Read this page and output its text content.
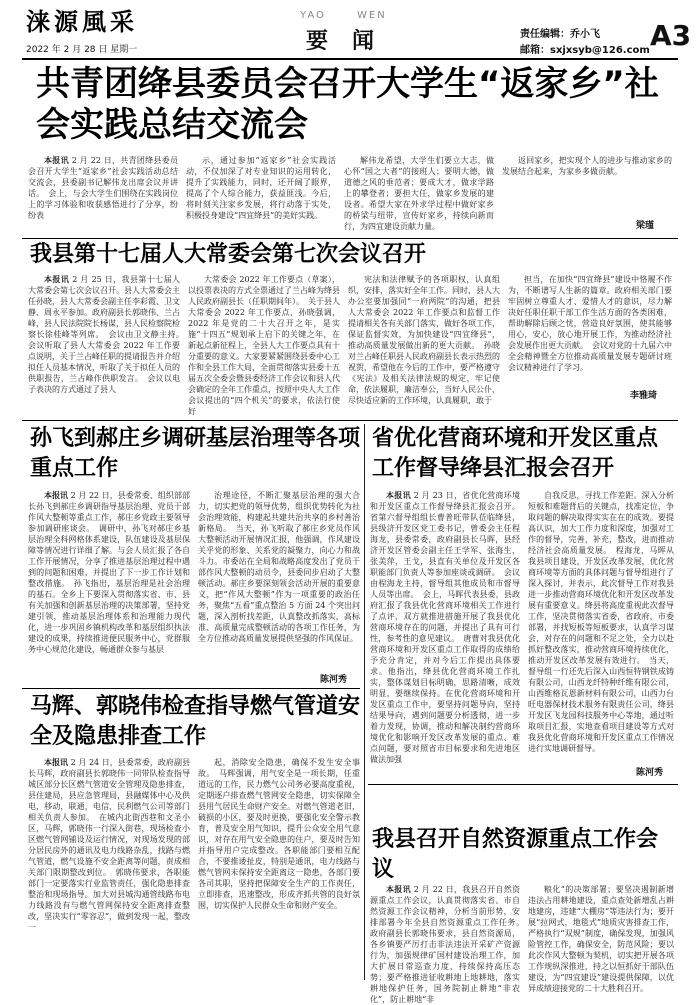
涞源風采
2022 年 2 月 28 日 星期一
YAO	WEN
要闻	责任编辑：乔小飞
邮箱：sxjxsyb@126.com A3
共青团绛县委员会召开大学生“返家乡”社会实践总结交流会
本报讯 2 月 22 日，共青团绛县委员会召开大学生“返家乡”社会实践活动总结交流会，县委副书记解伟龙出席会议并讲话。　会上，与会大学生们围绕在实践岗位上的学习体验和收获感悟进行了分享，纷纷表
示，通过参加“返家乡”社会实践活动，不仅加深了对专业知识的运用转化，提升了实践能力，同时，还开阔了眼界，提高了个人综合能力，获益匪浅。今后，将时刻关注家乡发展，将行动落于实处，积极投身建设“四宜绛县”的美好实践。
解伟龙希望，大学生们要立大志，做心怀“国之大者”的接班人；要明大德，做道德之风的垂范者；要成大才，做求学路上的攀登者；要担大任，做家乡发展的建设者。希望大家在外求学过程中做好家乡的桥梁与纽带，宣传好家乡，持续向新而行，为四宜建设贡献力量。
返回家乡，把实现个人的进步与推动家乡的发展结合起来，为家乡多做贡献。
梁瑾
我县第十七届人大常委会第七次会议召开
本报讯 2 月 25 日，我县第十七届人大常委会第七次会议召开。县人大常委会主任孙晓，县人大常委会副主任李彩霞、卫文静、周永平参加。政府副县长郭晓伟、兰占峰，县人民法院院长杨谋，县人民检察院检察长徐桂峰等列席。　会议由卫文静主持。　会议听取了县人大常委会 2022 年工作要点说明，关于兰占峰任职的提请报告并介绍拟任人员基本情况，听取了关于拟任人员的供职报告，兰占峰作供职发言。　会议以电子表决的方式通过了县人
大常委会 2022 年工作要点（草案），以投票表决的方式全票通过了兰占峰为绛县人民政府副县长（任职期间年）。　关于县人大常委会 2022 年工作要点，孙晓强调，2022 年是党的二十大召开之年，是实施“十四五”规划承上启下的关键之年，在新起点新征程上，全县人大工作要点具有十分重要的意义。大家要紧紧围绕县委中心工作和全县工作大局，全面贯彻落实县委十五届五次全委会暨县委经济工作会议和县人代会确定的全年工作重点，按照中央人大工作会议提出的“四个机关”的要求，依法行使好
宪法和法律赋予的各项职权，认真组织，安排，落实好全年工作。同时，县人大办公室要加强同“一府两院”的沟通，把县人大常委会 2022 年工作要点和监督工作提请相关各有关部门落实，做好各项工作，保证监督实效，为加快建设“四宜绛县”，推动高质量发展做出新的更大贡献。　孙晓对兰占峰任职县人民政府副县长表示热烈的祝贺，希望他在今后的工作中，要严格遵守《宪法》及相关法律法规的规定，牢记使命，依法履职，廉洁奉公，当好人民公仆，尽快适应新的工作环境，认真履职，敢于
担当，在加快“四宜绛县”建设中恪履不作为，不断谱写人生新的篇章。政府相关部门要牢固树立尊重人才、爱惜人才的意识，尽力解决好任职任职干部工作生活方面的各类困难，帮助解除后顾之忧，营造良好氛围，使其能够用心，安心，放心地开展工作，为推动经济社会发展作出更大贡献。　会议对党的十九届六中全会精神暨全方位推动高质量发展专题研讨班会议精神进行了学习。
李雅琦
孙飞到郝庄乡调研基层治理等各项重点工作
本报讯 2 月 22 日，县委常委、组织部部长孙飞到郝庄乡调研指导基层治理、党员干部作风大整顿等重点工作，郝庄乡党政主要领导参加调研座谈会。　调研中，孙飞对郝庄乡基层治理全科网格体系建设，队伍建设及基层保障等情况进行详细了解。与会人员汇报了各自工作开展情况，分享了推进基层治理过程中遇到的问题和困难，并提出了下一步工作计划和整改措施。　孙飞指出，基层治理是社会治理的基石。全乡上下要深入贯彻落实省、市、县有关加强和创新基层治理的决策部署，坚持党建引领，推动基层治理体系和治理能力现代化，进一步巩固乡镇机构改革和基层组织执法建设的成果，持续推进便民服务中心，党群服务中心规范化建设，畅通群众参与基层
治理途径，不断汇聚基层治理的强大合力，切实把党的领导优势，组织优势转化为社会治理效能，构建起共建共治共享的乡村善治新格局。　当天，孙飞听取了郝庄乡党员作风大整顿活动开展情况汇报，他强调，作风建设关乎党的形象、关系党的凝聚力，向心力和战斗力。市委站在全局和战略高度发出了党员干部作风大整顿的动员令，县委同步启动了大整顿活动。郝庄乡要深刻领会活动开展的重要意义，把“作风大整顿”作为一项重要的政治任务，聚焦“五看”重点整治 5 方面 24 个突出问题，深入剖析找差距，认真整改抓落实，高标准、高质量完成整顿活动的各项工作任务，为全方位推动高质量发展提供坚强的作风保证。
陈河秀
马辉、郭晓伟检查指导燃气管道安全及隐患排查工作
本报讯 2 月 24 日，县委常委，政府副县长马辉，政府副县长郭晓伟一同带队检查指导城区部分长区燃气管道安全管理及隐患排查，县住建局，县应急管理局，县融媒体中心及供电，移动，联通，电信，民利燃气公司等部门相关负责人参加。　在城内北街西巷和文圣小区，马辉，郭晓伟一行深入街巷，现场检查小区燃气管网铺设及运行情况，对现场发现的部分居民房外的通讯及电力线路杂乱，找路与燃气管道，燃气设施不安全距离等问题，责成相关部门限期整改到位。　郭晓伟要求，各职能部门一定要落实行业监管责任，强化隐患排查整治和现场指导。加大对县城沟通管线路布电力线路没有与燃气管网保持安全距离排查整改，坚决实行“零容忍”，做到发现一起，整改一
起，消除安全隐患，确保不发生安全事故。　马辉强调，用气安全是一项长期，任重道远的工作，民力燃气公司务必要高度重视，定期逐户排查燃气管网安全隐患，切实保障全县用气居民生命财产安全。对燃气管道老旧，破损的小区，要及时更换，要强化安全警示教育，普及安全用气知识，提升公众安全用气意识，对存在用气安全隐患的住户，要及时告知并指导用户完成整改。各职能部门要相互配合，不要推诿扯皮，特别是通讯，电力线路与燃气管网未保持安全距离这一隐患，各部门要各司其职，坚持把保障安全生产的工作责任，立即排查，迅速整改，形成齐抓共管的良好氛围，切实保护人民群众生命和财产安全。
省优化营商环境和开发区重点工作督导绛县汇报会召开
本报讯 2 月 23 日，省优化营商环境和开发区重点工作督导绛县汇报会召开。省第六督导组组长曹普旺带队莅临绛县，县级济开发区党工委书记，曾委会主任程海龙，县委常委，政府副县长马晖，县经济开发区管委会副主任王学军、张海生，张美萍，王戈，县直有关单位及开发区各职能部门负责人等参加座谈或调研。　会议由程海龙主持，督导组其他成员和市督导人员等出席。　会上，马晖代表县委，县政府汇报了我县优化营商环境相关工作进行了点评，双方就推进措施开展了我县优化营商环境存在的问题，并提出了具有可行性，参考性的意见建议。　唐曹对我县优化营商环境和开发区重点工作取得的成绩给予充分肯定，并对今后工作提出具体要求。他指出，绛县优化营商环境工作扎实，整体谋划目标明确，思路清晰，成效明显，要继续保持。在优化营商环境和开发区重点工作中，要坚持问题导向，坚持结果导向，遇到问题要分析透彻，进一步着力发现，协调，推动和解决制约营商环境优化和影响开发区改革发展的重点、难点问题，要对照省市目标要求和先进地区做法加强
自我反思，寻找工作差距。深入分析短板和难题背后的关键点，找准定位，争取问题的解决取得实实在在的成效。要提高认识，加大工作力度和深度，加强对工作的督导，完善，补充，整改，进而推动经济社会高质量发展。　程海龙，马晖从我县项目建设，开发区改革发展，优化营商环境等方面的具体问题与督导组进行了深入探讨，并表示，此次督导工作对我县进一步推动营商环境优化和开发区改革发展有重要意义。绛县将高度重视此次督导工作，坚决贯彻落实省委，省政府，市委部署，并找短板等短板要求，认真学习谋会，对存在的问题和不足之处，全力以赴抓好整改落实，推动营商环境持续优化，推动开发区改革发展有效进行。　当天，督导组一行还先后深入山西恒特钢铁成铸有限公司，山西龙纤特种纤维有限公司，山西维格瓦恩新材料有限公司，山西力台旺电器保材技术服务有限责任公司，绛县开发区飞龙园科技服务中心等地，通过听取项目汇报，实地查看项目建设等方式对我县优化营商环境和开发区重点工作情况进行实地调研督导。
陈河秀
我县召开自然资源重点工作会议
本报讯 2 月 22 日，我县召开自然资源重点工作会议，认真贯彻落实省、市自然资源工作会议精神，分析当前形势，安排部署今年全县自然资源重点工作任务。　政府副县长郭晓伟要求，县自然资源局，各乡镇要严厉打击非法违法开采矿产资源行为，加强规律矿国村建设治理工作，加大扩展日常巡查力度，持续保持高压态势；要严格推进征收耕地上地耕地，落实耕地保护任务，国务院制止耕地“非农化”，防止耕地“非
粮化”的决策部署；要坚决遏制新增违法占用耕地建设，重点查处新增乱占耕地建房，违建“大棚房”等违法行为；要开展“拉网式，地毯式”地质灾害排查工作，严格执行“双规”制度，确保发现，加强风险管控工作，确保安全，防范风险；要以此次作风大整顿为契机，切实把开展各项工作规纵深推进，持之以恒抓好干部队伍建设，为“四宜建设”建设提供保障，以优异成绩迎接党的二十大胜利召开。
